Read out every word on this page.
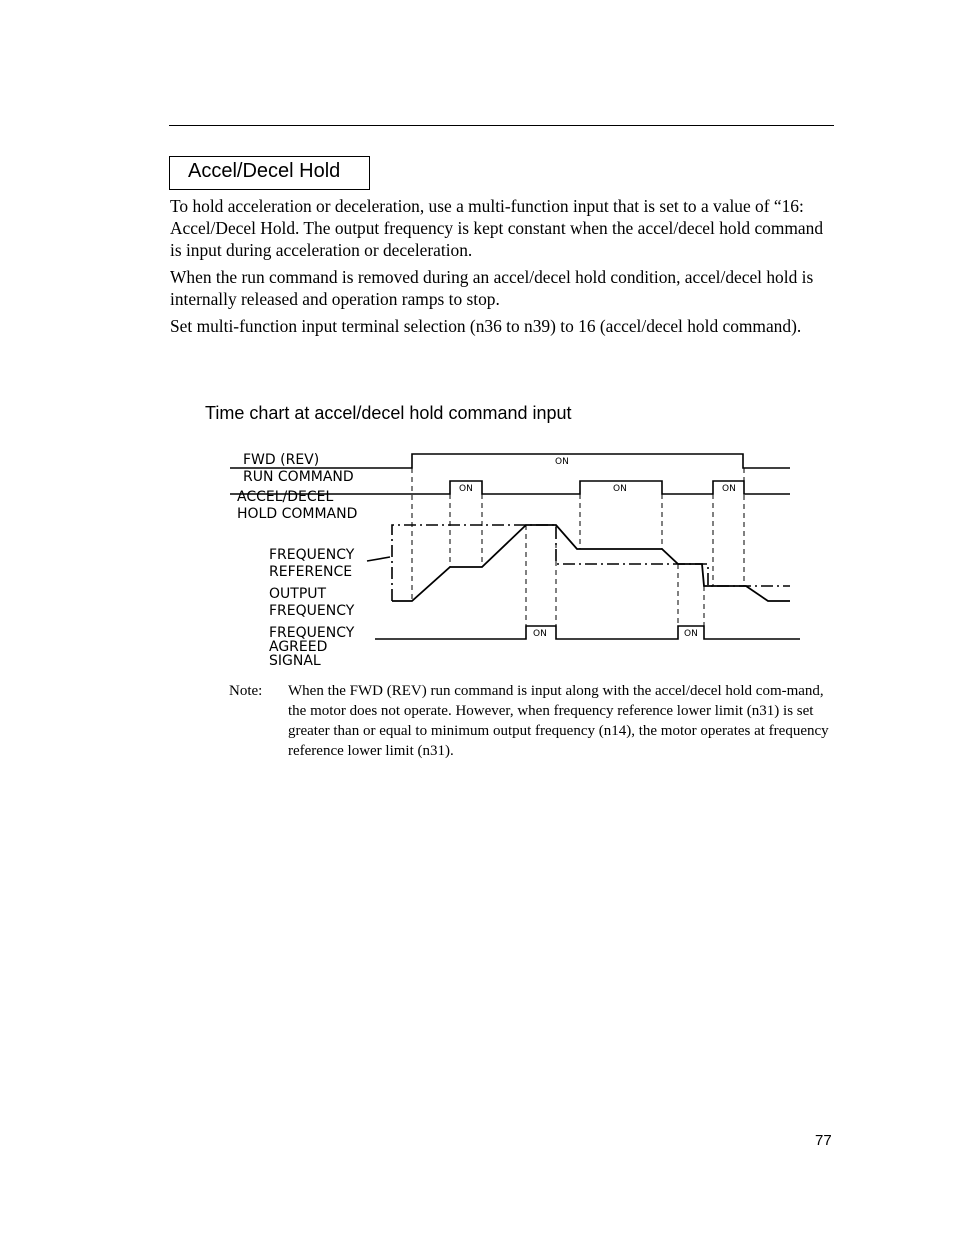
Accel/Decel Hold

To hold acceleration or deceleration, use a multi-function input that is set to a value of “16: Accel/Decel Hold. The output frequency is kept constant when the accel/decel hold command is input during acceleration or deceleration.

When the run command is removed during an accel/decel hold condition, accel/decel hold is internally released and operation ramps to stop.

Set multi-function input terminal selection (n36 to n39) to 16 (accel/decel hold command).

Time chart at accel/decel hold command input
FWD (REV)
RUN COMMAND
ACCEL/DECEL
HOLD COMMAND
FREQUENCY
REFERENCE
OUTPUT
FREQUENCY
FREQUENCY
AGREED
SIGNAL
ON
ON	ON	ON
ON	ON
Note: When the FWD (REV) run command is input along with the accel/decel hold com-mand, the motor does not operate. However, when frequency reference lower limit (n31) is set greater than or equal to minimum output frequency (n14), the motor operates at frequency reference lower limit (n31).

77
